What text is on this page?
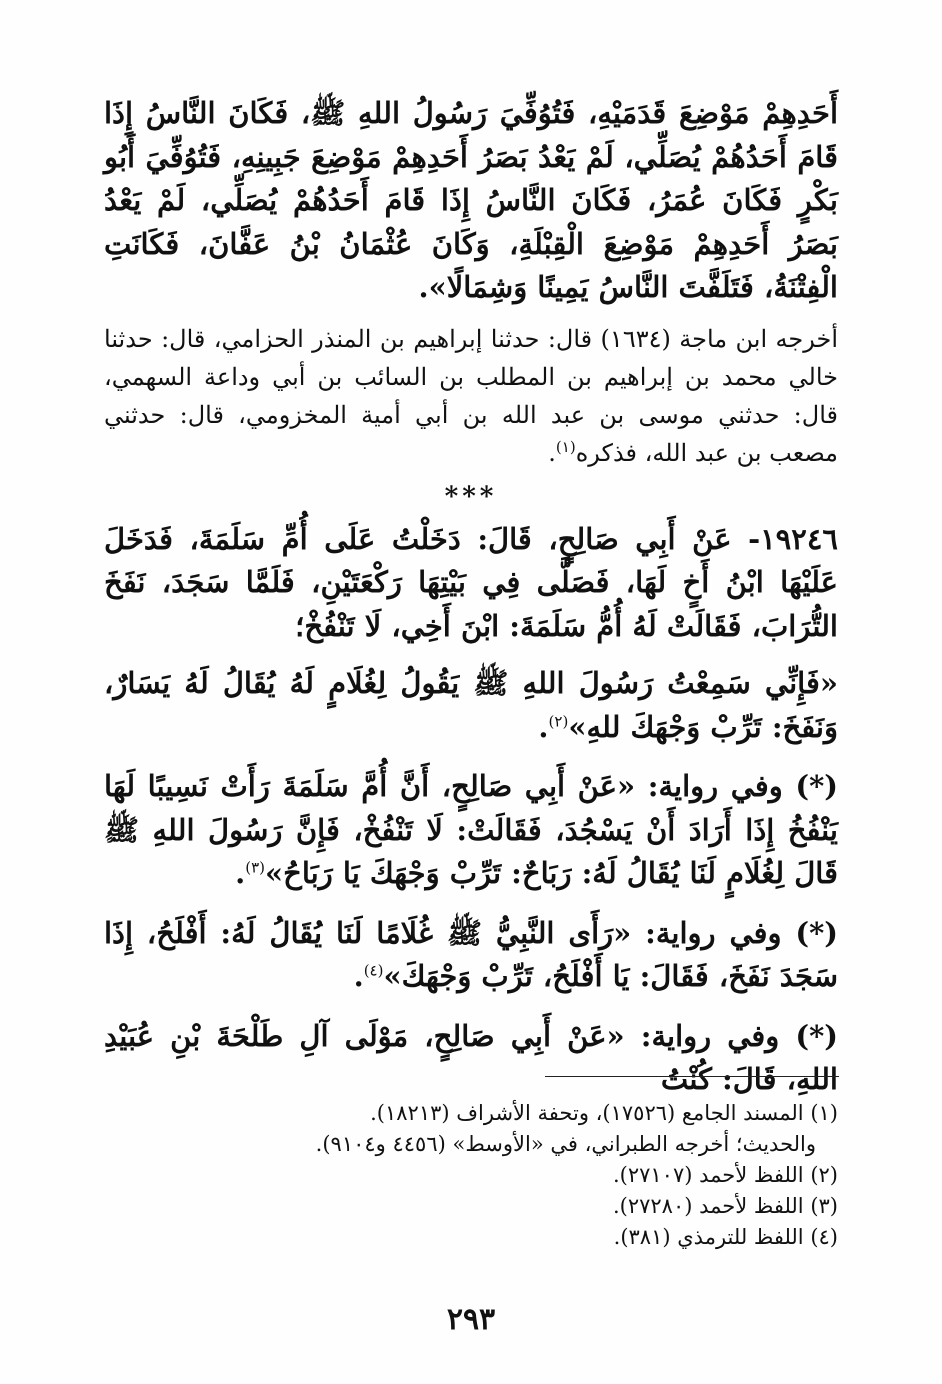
أَحَدِهِمْ مَوْضِعَ قَدَمَيْهِ، فَتُوُفِّيَ رَسُولُ اللهِ ﷺ، فَكَانَ النَّاسُ إِذَا قَامَ أَحَدُهُمْ يُصَلِّي، لَمْ يَعْدُ بَصَرُ أَحَدِهِمْ مَوْضِعَ جَبِينِهِ، فَتُوُفِّيَ أَبُو بَكْرٍ فَكَانَ عُمَرُ، فَكَانَ النَّاسُ إِذَا قَامَ أَحَدُهُمْ يُصَلِّي، لَمْ يَعْدُ بَصَرُ أَحَدِهِمْ مَوْضِعَ الْقِبْلَةِ، وَكَانَ عُثْمَانُ بْنُ عَفَّانَ، فَكَانَتِ الْفِتْنَةُ، فَتَلَفَّتَ النَّاسُ يَمِينًا وَشِمَالًا».

أخرجه ابن ماجة (١٦٣٤) قال: حدثنا إبراهيم بن المنذر الحزامي، قال: حدثنا خالي محمد بن إبراهيم بن المطلب بن السائب بن أبي وداعة السهمي، قال: حدثني موسى بن عبد الله بن أبي أمية المخزومي، قال: حدثني مصعب بن عبد الله، فذكره$^{(١)}$.

***

١٩٢٤٦- عَنْ أَبِي صَالِحٍ، قَالَ: دَخَلْتُ عَلَى أُمِّ سَلَمَةَ، فَدَخَلَ عَلَيْهَا ابْنُ أَخٍ لَهَا، فَصَلَّى فِي بَيْتِهَا رَكْعَتَيْنِ، فَلَمَّا سَجَدَ، نَفَخَ التُّرَابَ، فَقَالَتْ لَهُ أُمُّ سَلَمَةَ: ابْنَ أَخِي، لَا تَنْفُخْ؛

«فَإِنِّي سَمِعْتُ رَسُولَ اللهِ ﷺ يَقُولُ لِغُلَامٍ لَهُ يُقَالُ لَهُ يَسَارٌ، وَنَفَخَ: تَرِّبْ وَجْهَكَ للهِ»$^{(٢)}$.

(*) وفي رواية: «عَنْ أَبِي صَالِحٍ، أَنَّ أُمَّ سَلَمَةَ رَأَتْ نَسِيبًا لَهَا يَنْفُخُ إِذَا أَرَادَ أَنْ يَسْجُدَ، فَقَالَتْ: لَا تَنْفُخْ، فَإِنَّ رَسُولَ اللهِ ﷺ قَالَ لِغُلَامٍ لَنَا يُقَالُ لَهُ: رَبَاحٌ: تَرِّبْ وَجْهَكَ يَا رَبَاحُ»$^{(٣)}$.

(*) وفي رواية: «رَأَى النَّبِيُّ ﷺ غُلَامًا لَنَا يُقَالُ لَهُ: أَفْلَحُ، إِذَا سَجَدَ نَفَخَ، فَقَالَ: يَا أَفْلَحُ، تَرِّبْ وَجْهَكَ»$^{(٤)}$.

(*) وفي رواية: «عَنْ أَبِي صَالِحٍ، مَوْلَى آلِ طَلْحَةَ بْنِ عُبَيْدِ اللهِ، قَالَ: كُنْتُ

(١) المسند الجامع (١٧٥٢٦)، وتحفة الأشراف (١٨٢١٣).

والحديث؛ أخرجه الطبراني، في «الأوسط» (٤٤٥٦ و٩١٠٤).

(٢) اللفظ لأحمد (٢٧١٠٧).

(٣) اللفظ لأحمد (٢٧٢٨٠).

(٤) اللفظ للترمذي (٣٨١).

٢٩٣
